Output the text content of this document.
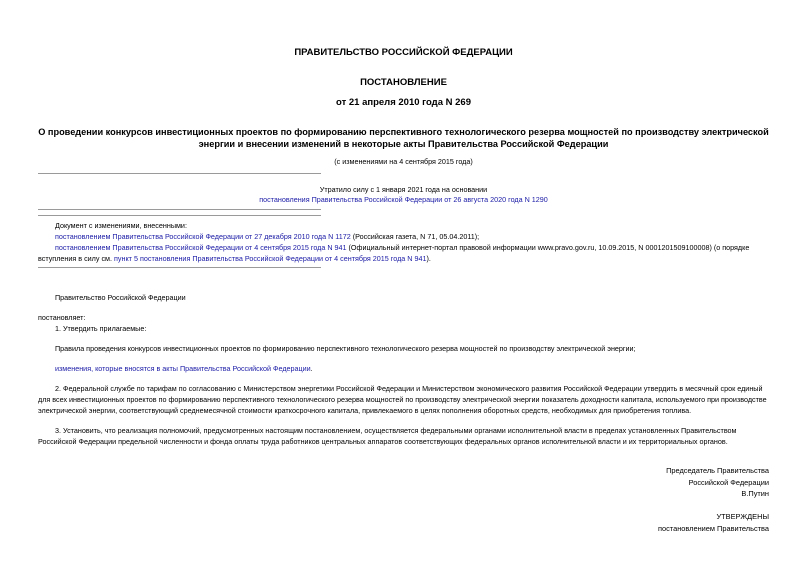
ПРАВИТЕЛЬСТВО РОССИЙСКОЙ ФЕДЕРАЦИИ
ПОСТАНОВЛЕНИЕ
от 21 апреля 2010 года N 269
О проведении конкурсов инвестиционных проектов по формированию перспективного технологического резерва мощностей по производству электрической
энергии и внесении изменений в некоторые акты Правительства Российской Федерации
(с изменениями на 4 сентября 2015 года)
Утратило силу с 1 января 2021 года на основании
постановления Правительства Российской Федерации от 26 августа 2020 года N 1290
Документ с изменениями, внесенными:
постановлением Правительства Российской Федерации от 27 декабря 2010 года N 1172 (Российская газета, N 71, 05.04.2011);
постановлением Правительства Российской Федерации от 4 сентября 2015 года N 941 (Официальный интернет-портал правовой информации www.pravo.gov.ru, 10.09.2015, N 0001201509100008) (о порядке
вступления в силу см. пункт 5 постановления Правительства Российской Федерации от 4 сентября 2015 года N 941).
Правительство Российской Федерации
постановляет:
1. Утвердить прилагаемые:
Правила проведения конкурсов инвестиционных проектов по формированию перспективного технологического резерва мощностей по производству электрической энергии;
изменения, которые вносятся в акты Правительства Российской Федерации.
2. Федеральной службе по тарифам по согласованию с Министерством энергетики Российской Федерации и Министерством экономического развития Российской Федерации утвердить в месячный срок единый
для всех инвестиционных проектов по формированию перспективного технологического резерва мощностей по производству электрической энергии показатель доходности капитала, используемого при производстве
электрической энергии, соответствующий среднемесячной стоимости краткосрочного капитала, привлекаемого в целях пополнения оборотных средств, необходимых для приобретения топлива.
3. Установить, что реализация полномочий, предусмотренных настоящим постановлением, осуществляется федеральными органами исполнительной власти в пределах установленных Правительством
Российской Федерации предельной численности и фонда оплаты труда работников центральных аппаратов соответствующих федеральных органов исполнительной власти и их территориальных органов.
Председатель Правительства
Российской Федерации
В.Путин
УТВЕРЖДЕНЫ
постановлением Правительства
